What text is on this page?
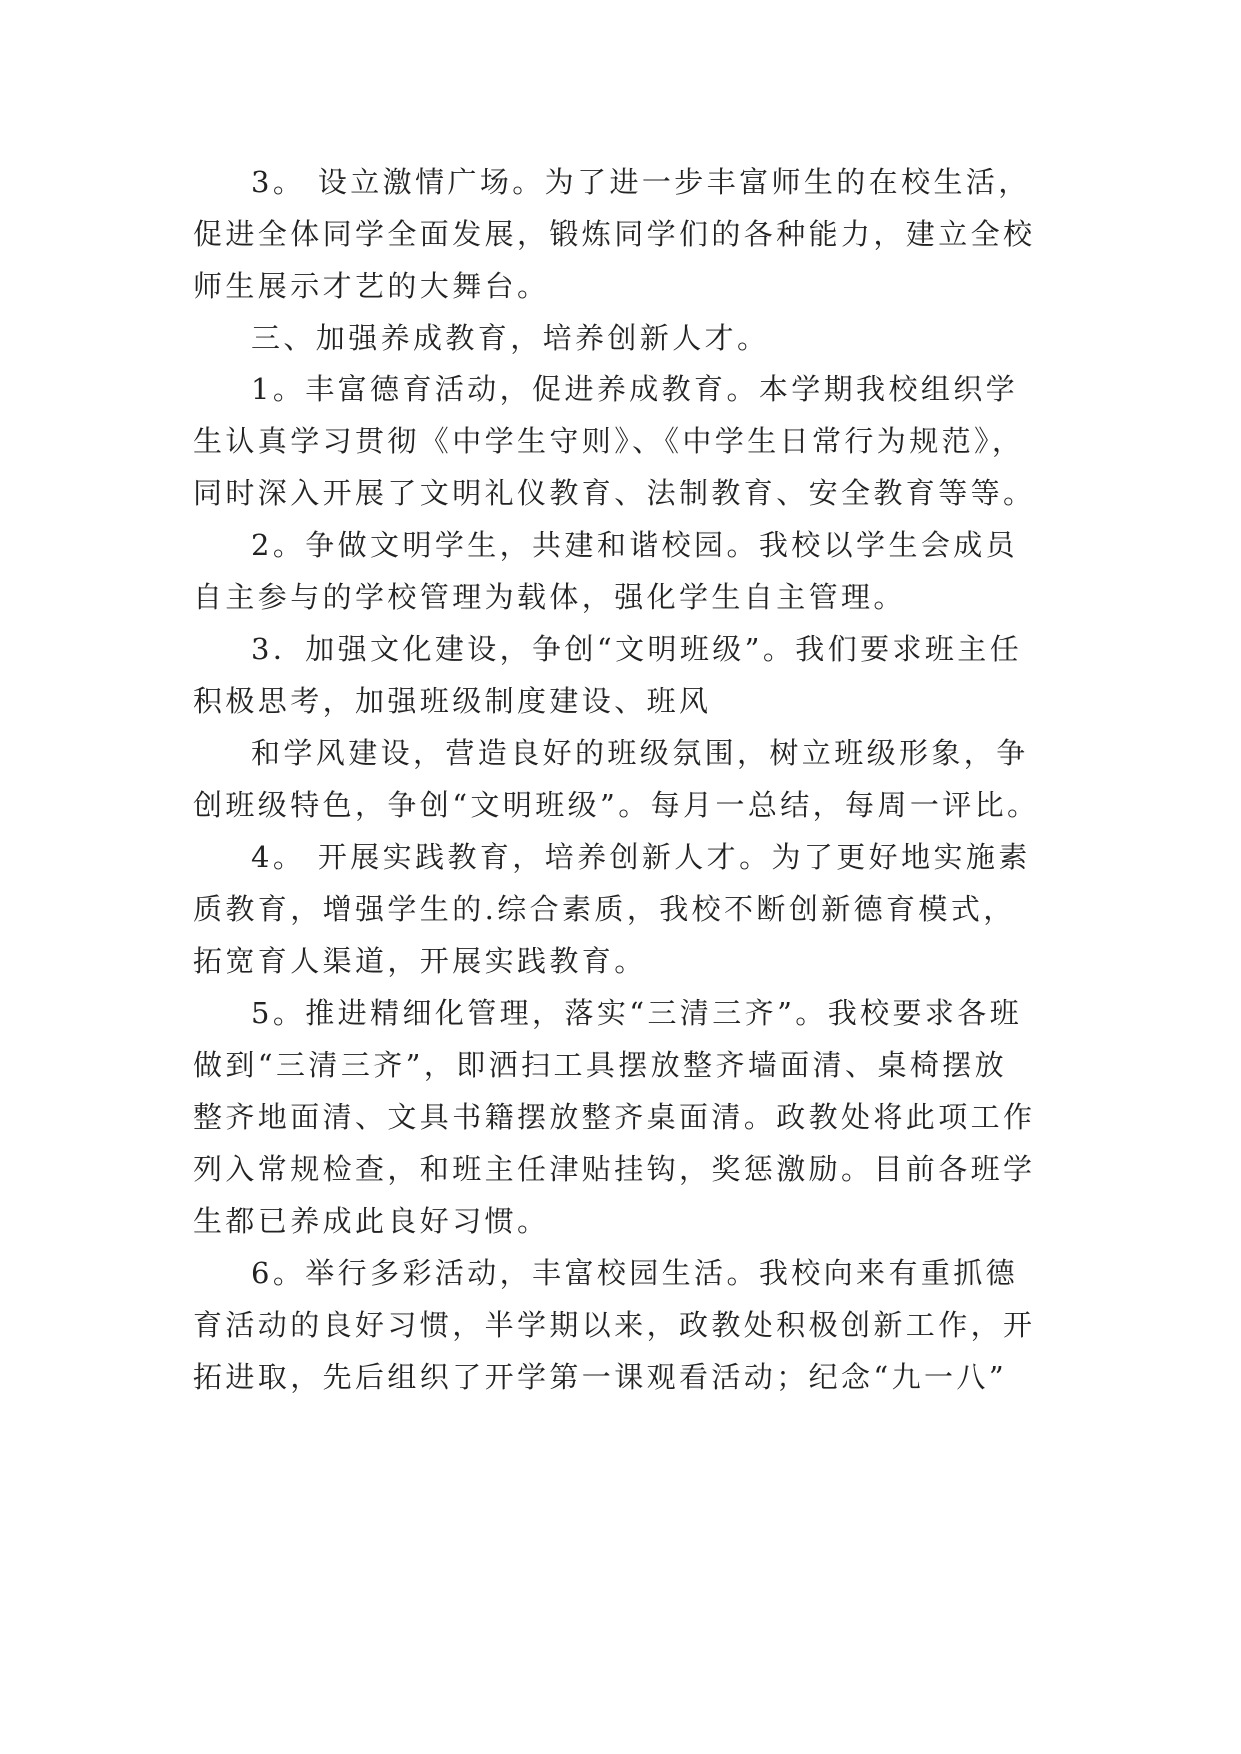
3。 设立激情广场。为了进一步丰富师生的在校生活，
促进全体同学全面发展，锻炼同学们的各种能力，建立全校
师生展示才艺的大舞台。
三、加强养成教育，培养创新人才。
1。丰富德育活动，促进养成教育。本学期我校组织学
生认真学习贯彻《中学生守则》、《中学生日常行为规范》，
同时深入开展了文明礼仪教育、法制教育、安全教育等等。
2。争做文明学生，共建和谐校园。我校以学生会成员
自主参与的学校管理为载体，强化学生自主管理。
3．加强文化建设，争创“文明班级”。我们要求班主任
积极思考，加强班级制度建设、班风
和学风建设，营造良好的班级氛围，树立班级形象，争
创班级特色，争创“文明班级”。每月一总结，每周一评比。
4。 开展实践教育，培养创新人才。为了更好地实施素
质教育，增强学生的.综合素质，我校不断创新德育模式，
拓宽育人渠道，开展实践教育。
5。推进精细化管理，落实“三清三齐”。我校要求各班
做到“三清三齐”，即洒扫工具摆放整齐墙面清、桌椅摆放
整齐地面清、文具书籍摆放整齐桌面清。政教处将此项工作
列入常规检查，和班主任津贴挂钩，奖惩激励。目前各班学
生都已养成此良好习惯。
6。举行多彩活动，丰富校园生活。我校向来有重抓德
育活动的良好习惯，半学期以来，政教处积极创新工作，开
拓进取，先后组织了开学第一课观看活动；纪念“九一八”
